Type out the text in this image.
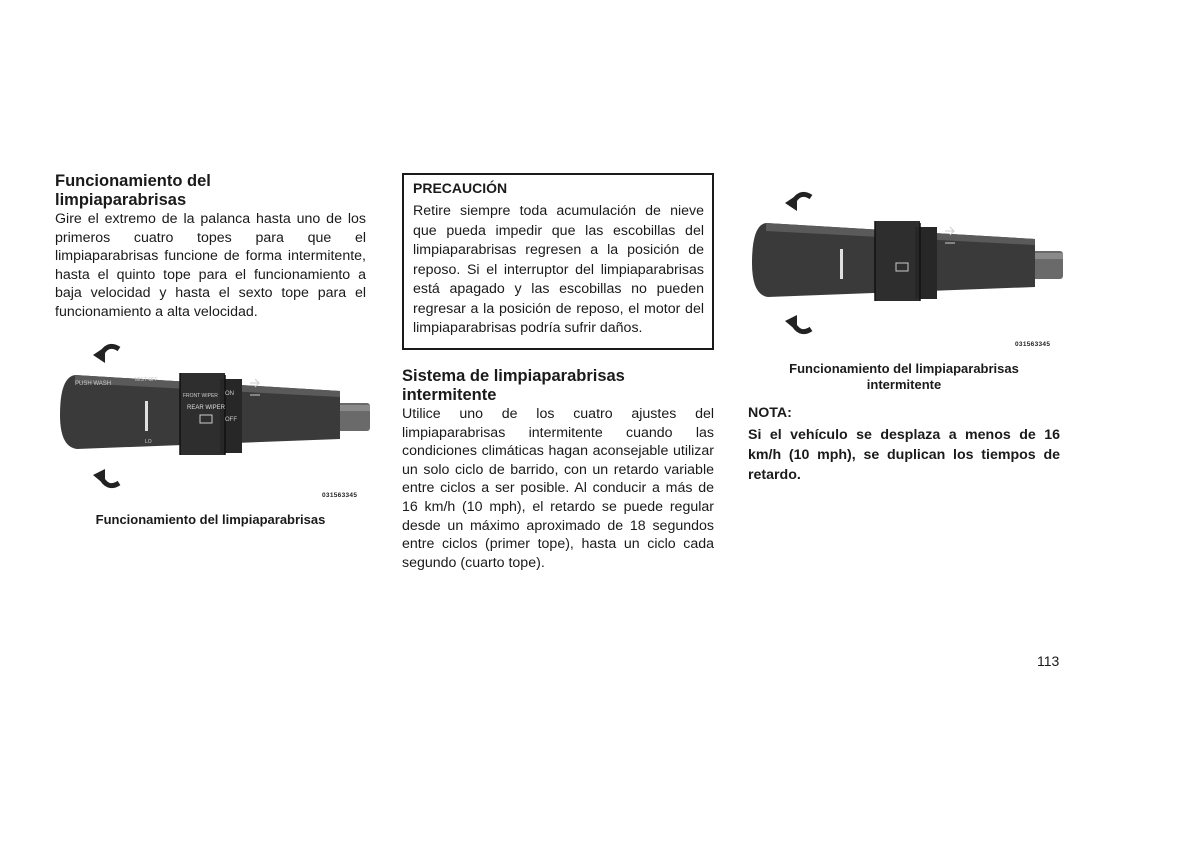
Funcionamiento del limpiaparabrisas

Gire el extremo de la palanca hasta uno de los primeros cuatro topes para que el limpiaparabrisas funcione de forma intermitente, hasta el quinto tope para el funcionamiento a baja velocidad y hasta el sexto tope para el funcionamiento a alta velocidad.

PUSH WASH
MIST OFF
FRONT WIPER
REAR WIPER
ON
OFF
LO
031563345
Funcionamiento del limpiaparabrisas
PRECAUCIÓN

Retire siempre toda acumulación de nieve que pueda impedir que las escobillas del limpiaparabrisas regresen a la posición de reposo. Si el interruptor del limpiaparabrisas está apagado y las escobillas no pueden regresar a la posición de reposo, el motor del limpiaparabrisas podría sufrir daños.

Sistema de limpiaparabrisas intermitente

Utilice uno de los cuatro ajustes del limpiaparabrisas intermitente cuando las condiciones climáticas hagan aconsejable utilizar un solo ciclo de barrido, con un retardo variable entre ciclos a ser posible. Al conducir a más de 16 km/h (10 mph), el retardo se puede regular desde un máximo aproximado de 18 segundos entre ciclos (primer tope), hasta un ciclo cada segundo (cuarto tope).

031563345
Funcionamiento del limpiaparabrisas intermitente
NOTA:

Si el vehículo se desplaza a menos de 16 km/h (10 mph), se duplican los tiempos de retardo.

113
